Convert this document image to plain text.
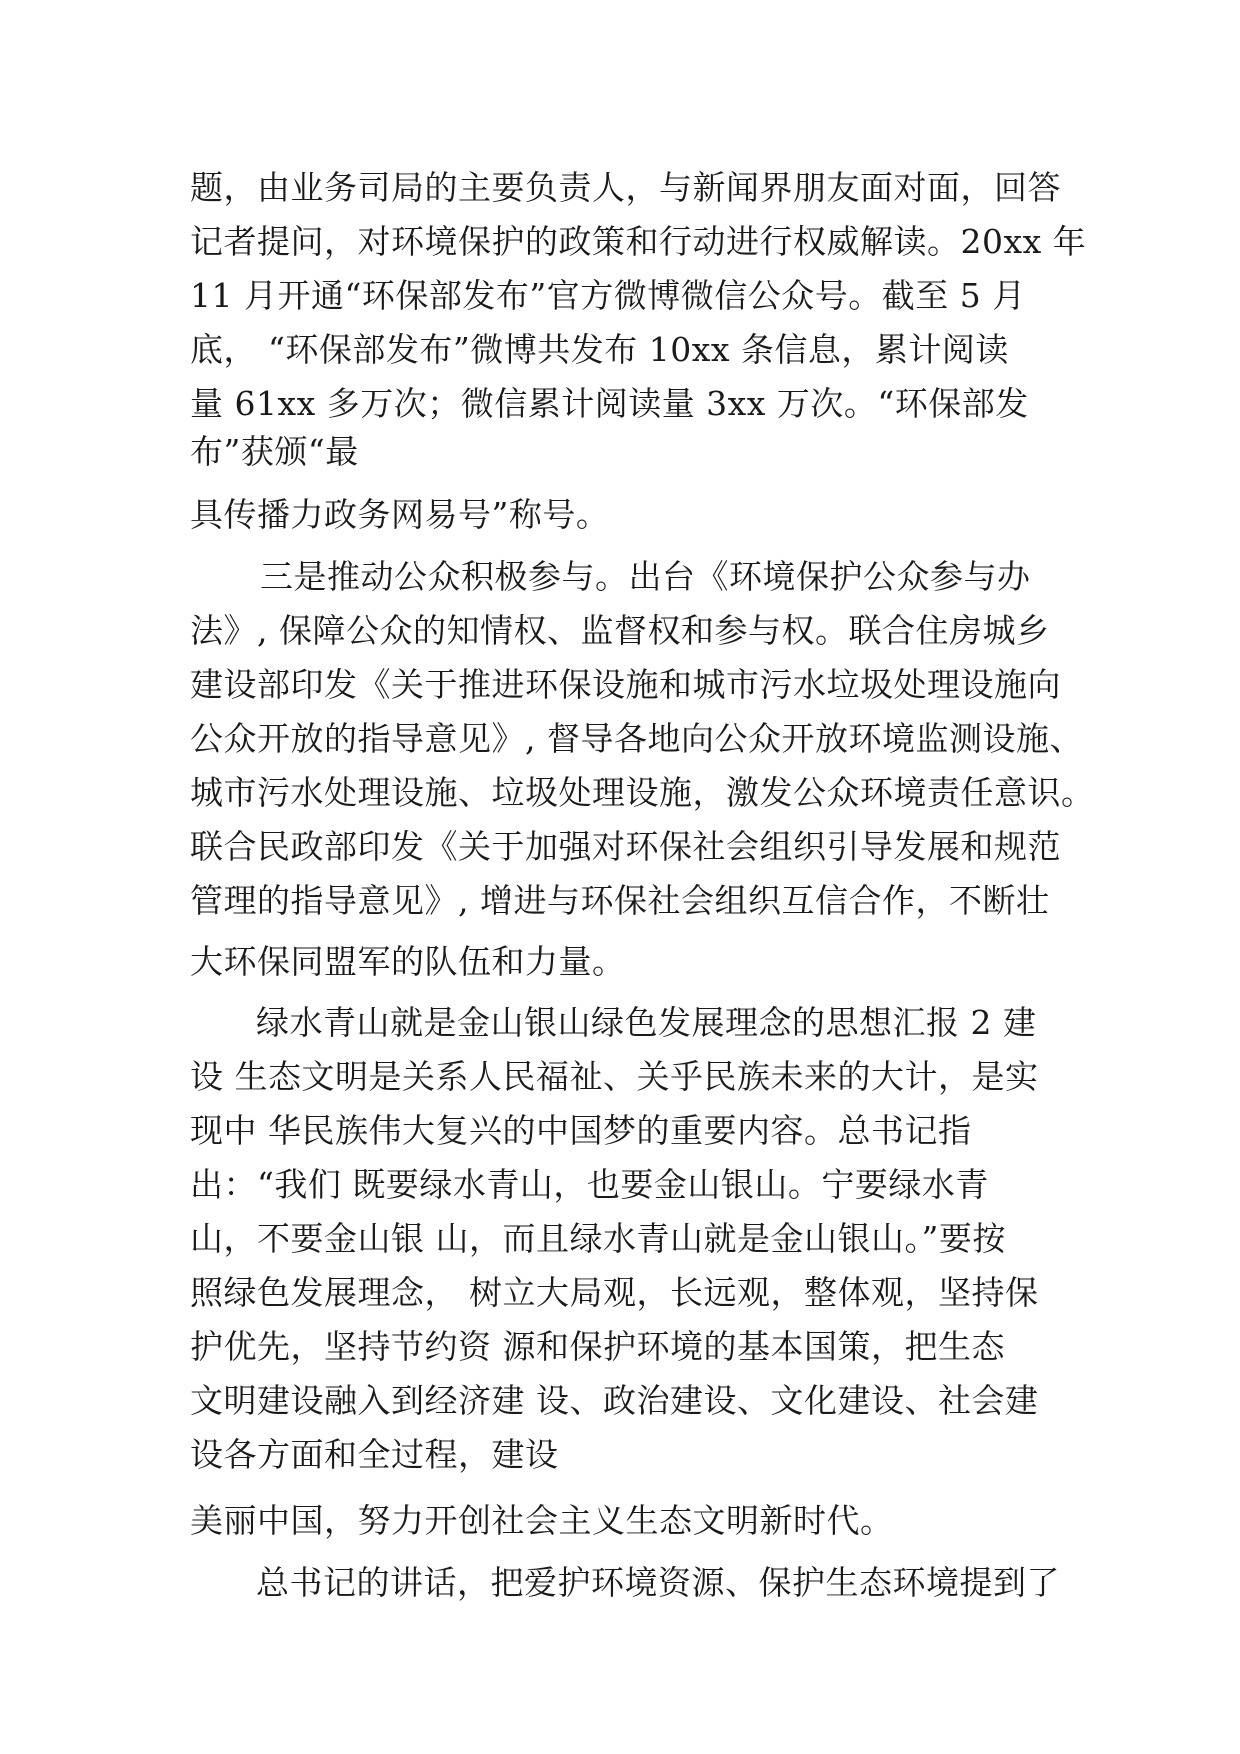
题，由业务司局的主要负责人，与新闻界朋友面对面，回答

记者提问，对环境保护的政策和行动进行权威解读。20xx 年

11 月开通“环保部发布”官方微博微信公众号。截至 5 月

底， “环保部发布”微博共发布 10xx 条信息，累计阅读

量 61xx 多万次；微信累计阅读量 3xx 万次。“环保部发

布”获颁“最

具传播力政务网易号”称号。

三是推动公众积极参与。出台《环境保护公众参与办

法》, 保障公众的知情权、监督权和参与权。联合住房城乡

建设部印发《关于推进环保设施和城市污水垃圾处理设施向

公众开放的指导意见》, 督导各地向公众开放环境监测设施、

城市污水处理设施、垃圾处理设施，激发公众环境责任意识。

联合民政部印发《关于加强对环保社会组织引导发展和规范

管理的指导意见》, 增进与环保社会组织互信合作，不断壮

大环保同盟军的队伍和力量。

绿水青山就是金山银山绿色发展理念的思想汇报 2 建

设 生态文明是关系人民福祉、关乎民族未来的大计，是实

现中 华民族伟大复兴的中国梦的重要内容。总书记指

出：“我们 既要绿水青山，也要金山银山。宁要绿水青

山，不要金山银 山，而且绿水青山就是金山银山。”要按

照绿色发展理念， 树立大局观，长远观，整体观，坚持保

护优先，坚持节约资 源和保护环境的基本国策，把生态

文明建设融入到经济建 设、政治建设、文化建设、社会建

设各方面和全过程，建设

美丽中国，努力开创社会主义生态文明新时代。

总书记的讲话，把爱护环境资源、保护生态环境提到了
